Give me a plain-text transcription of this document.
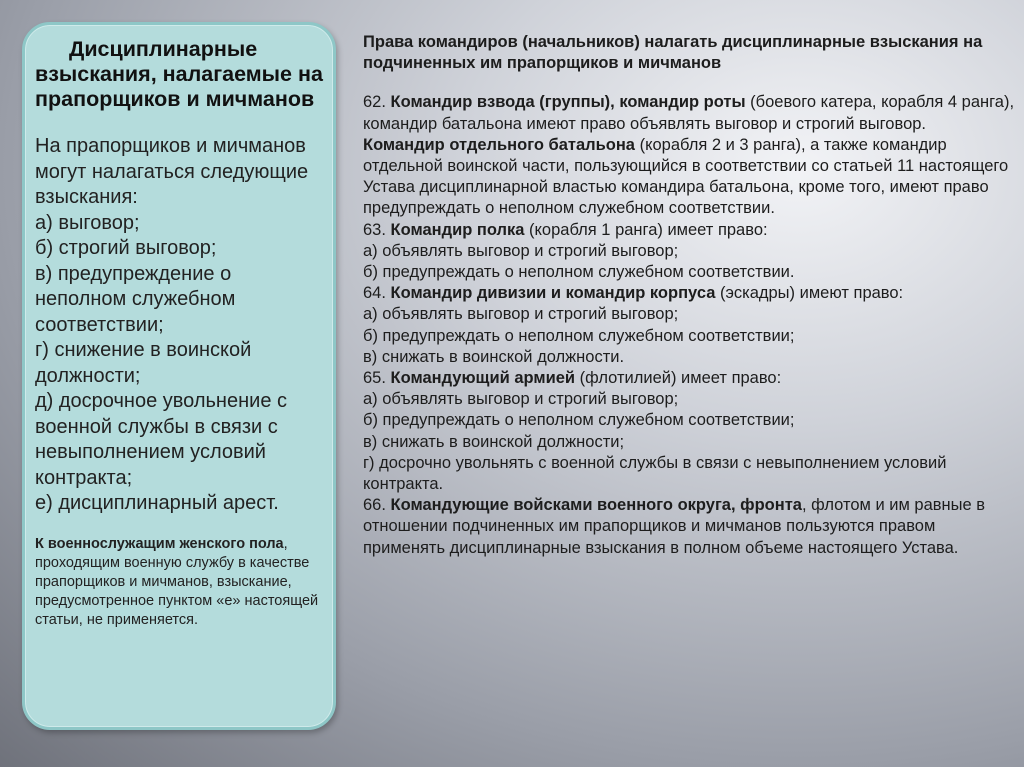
Дисциплинарные взыскания, налагаемые на прапорщиков и мичманов

На прапорщиков и мичманов могут налагаться следующие взыскания:

а) выговор;
б) строгий выговор;
в) предупреждение о неполном служебном соответствии;
г) снижение в воинской должности;
д) досрочное увольнение с военной службы в связи с невыполнением условий контракта;
е) дисциплинарный арест.

К военнослужащим женского пола, проходящим военную службу в качестве прапорщиков и мичманов, взыскание, предусмотренное пунктом «е» настоящей статьи, не применяется.

Права командиров (начальников) налагать дисциплинарные взыскания на подчиненных им прапорщиков и мичманов

62. Командир взвода (группы), командир роты (боевого катера, корабля 4 ранга), командир батальона имеют право объявлять выговор и строгий выговор.

Командир отдельного батальона (корабля 2 и 3 ранга), а также командир отдельной воинской части, пользующийся в соответствии со статьей 11 настоящего Устава дисциплинарной властью командира батальона, кроме того, имеют право предупреждать о неполном служебном соответствии.

63. Командир полка (корабля 1 ранга) имеет право:

а) объявлять выговор и строгий выговор;

б) предупреждать о неполном служебном соответствии.

64. Командир дивизии и командир корпуса (эскадры) имеют право:

а) объявлять выговор и строгий выговор;

б) предупреждать о неполном служебном соответствии;

в) снижать в воинской должности.

65. Командующий армией (флотилией) имеет право:

а) объявлять выговор и строгий выговор;

б) предупреждать о неполном служебном соответствии;

в) снижать в воинской должности;

г) досрочно увольнять с военной службы в связи с невыполнением условий контракта.

66. Командующие войсками военного округа, фронта, флотом и им равные в отношении подчиненных им прапорщиков и мичманов пользуются правом применять дисциплинарные взыскания в полном объеме настоящего Устава.
